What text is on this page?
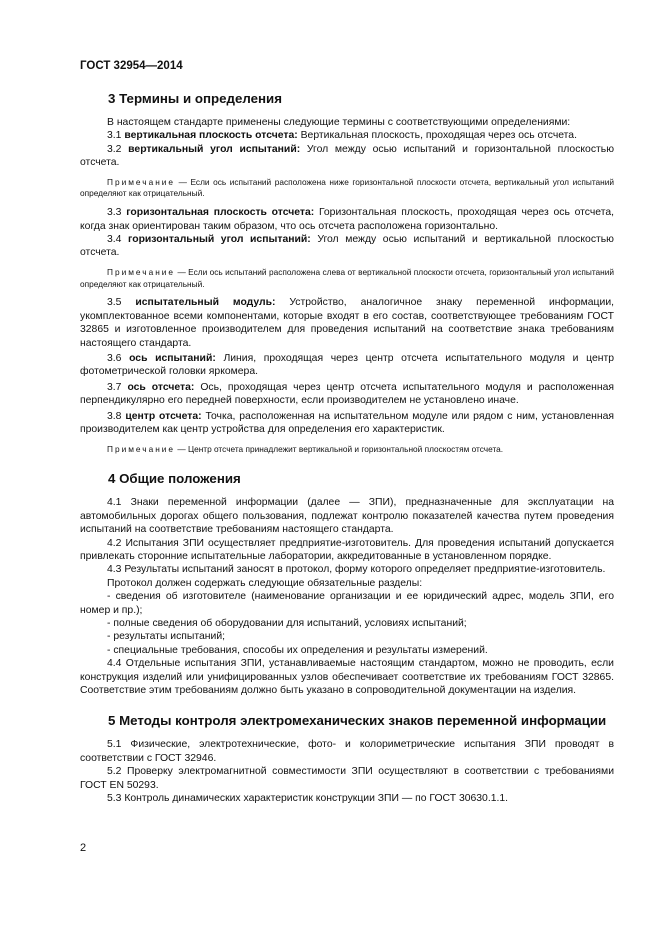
ГОСТ 32954—2014
3 Термины и определения

В настоящем стандарте применены следующие термины с соответствующими определениями:

3.1 вертикальная плоскость отсчета: Вертикальная плоскость, проходящая через ось отсчета.

3.2 вертикальный угол испытаний: Угол между осью испытаний и горизонтальной плоскостью отсчета.

Примечание — Если ось испытаний расположена ниже горизонтальной плоскости отсчета, вертикальный угол испытаний определяют как отрицательный.

3.3 горизонтальная плоскость отсчета: Горизонтальная плоскость, проходящая через ось отсчета, когда знак ориентирован таким образом, что ось отсчета расположена горизонтально.

3.4 горизонтальный угол испытаний: Угол между осью испытаний и вертикальной плоскостью отсчета.

Примечание — Если ось испытаний расположена слева от вертикальной плоскости отсчета, горизонтальный угол испытаний определяют как отрицательный.

3.5 испытательный модуль: Устройство, аналогичное знаку переменной информации, укомплектованное всеми компонентами, которые входят в его состав, соответствующее требованиям ГОСТ 32865 и изготовленное производителем для проведения испытаний на соответствие знака требованиям настоящего стандарта.

3.6 ось испытаний: Линия, проходящая через центр отсчета испытательного модуля и центр фотометрической головки яркомера.

3.7 ось отсчета: Ось, проходящая через центр отсчета испытательного модуля и расположенная перпендикулярно его передней поверхности, если производителем не установлено иначе.

3.8 центр отсчета: Точка, расположенная на испытательном модуле или рядом с ним, установленная производителем как центр устройства для определения его характеристик.

Примечание — Центр отсчета принадлежит вертикальной и горизонтальной плоскостям отсчета.

4 Общие положения

4.1 Знаки переменной информации (далее — ЗПИ), предназначенные для эксплуатации на автомобильных дорогах общего пользования, подлежат контролю показателей качества путем проведения испытаний на соответствие требованиям настоящего стандарта.

4.2 Испытания ЗПИ осуществляет предприятие-изготовитель. Для проведения испытаний допускается привлекать сторонние испытательные лаборатории, аккредитованные в установленном порядке.

4.3 Результаты испытаний заносят в протокол, форму которого определяет предприятие-изготовитель.

Протокол должен содержать следующие обязательные разделы:

- сведения об изготовителе (наименование организации и ее юридический адрес, модель ЗПИ, его номер и пр.);

- полные сведения об оборудовании для испытаний, условиях испытаний;

- результаты испытаний;

- специальные требования, способы их определения и результаты измерений.

4.4 Отдельные испытания ЗПИ, устанавливаемые настоящим стандартом, можно не проводить, если конструкция изделий или унифицированных узлов обеспечивает соответствие их требованиям ГОСТ 32865. Соответствие этим требованиям должно быть указано в сопроводительной документации на изделия.

5 Методы контроля электромеханических знаков переменной информации

5.1 Физические, электротехнические, фото- и колориметрические испытания ЗПИ проводят в соответствии с ГОСТ 32946.

5.2 Проверку электромагнитной совместимости ЗПИ осуществляют в соответствии с требованиями ГОСТ EN 50293.

5.3 Контроль динамических характеристик конструкции ЗПИ — по ГОСТ 30630.1.1.

2
